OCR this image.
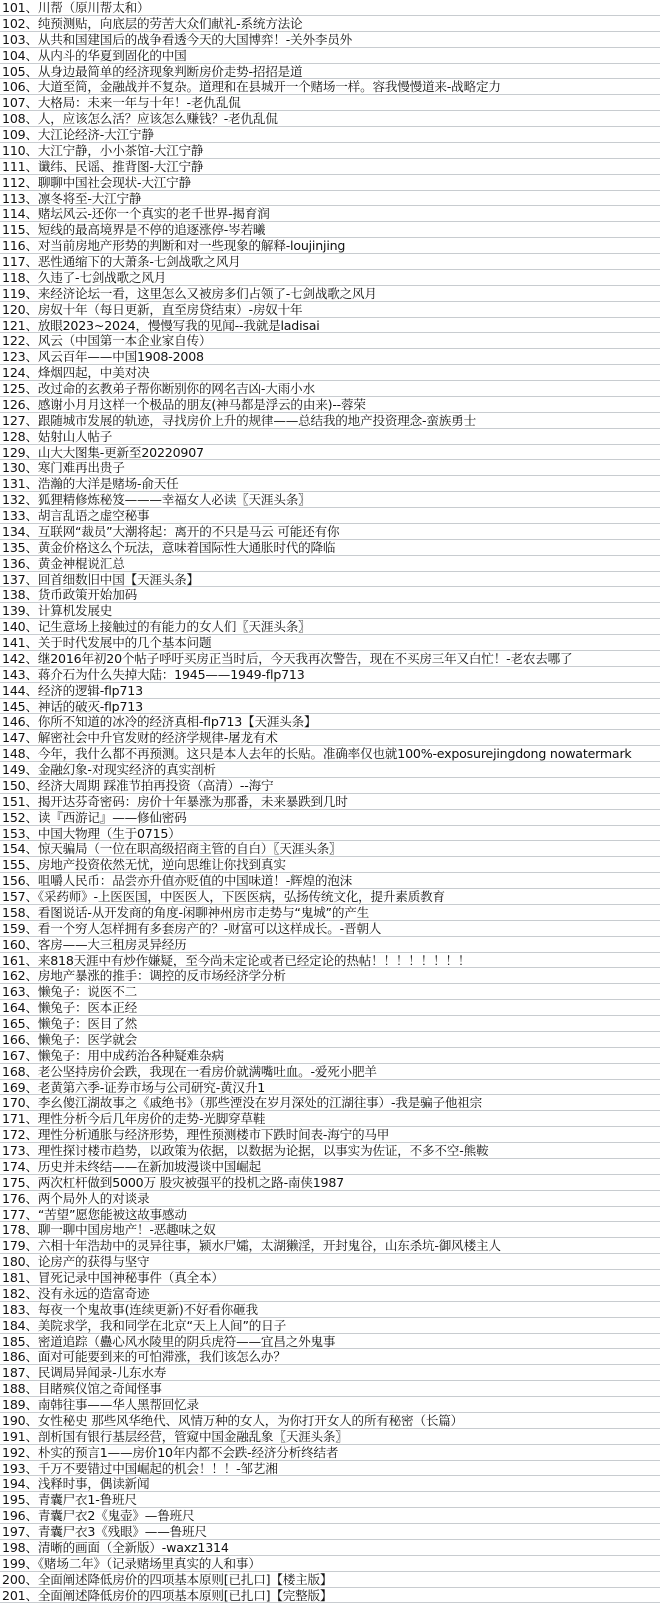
101、川帮（原川帮太和）
102、纯预测贴，向底层的劳苦大众们献礼-系统方法论
103、从共和国建国后的战争看透今天的大国博弈！-关外李员外
104、从内斗的华夏到固化的中国
105、从身边最简单的经济现象判断房价走势-招招是道
106、大道至简，金融战并不复杂。道理和在县城开一个赌场一样。容我慢慢道来-战略定力
107、大格局：未来一年与十年！-老仇乱侃
108、人，应该怎么活？应该怎么赚钱？-老仇乱侃
109、大江论经济-大江宁静
110、大江宁静，小小茶馆-大江宁静
111、谶纬、民谣、推背图-大江宁静
112、聊聊中国社会现状-大江宁静
113、凛冬将至-大江宁静
114、赌坛风云-还你一个真实的老千世界-揭育润
115、短线的最高境界是不停的追逐涨停-岑若曦
116、对当前房地产形势的判断和对一些现象的解释-loujinjing
117、恶性通缩下的大萧条-七剑战歌之风月
118、久违了-七剑战歌之风月
119、来经济论坛一看，这里怎么又被房多们占领了-七剑战歌之风月
120、房奴十年（每日更新，直至房贷结束）-房奴十年
121、放眼2023~2024，慢慢写我的见闻--我就是ladisai
122、风云（中国第一本企业家自传）
123、风云百年——中国1908-2008
124、烽烟四起，中美对决
125、改过命的玄教弟子帮你断别你的网名吉凶-大雨小水
126、感谢小月月这样一个极品的朋友(神马都是浮云的由来)--蓉荣
127、跟随城市发展的轨迹，寻找房价上升的规律——总结我的地产投资理念-蛮族勇士
128、姑射山人帖子
129、山大大图集-更新至20220907
130、寒门难再出贵子
131、浩瀚的大洋是赌场-俞天任
132、狐狸精修炼秘笈———幸福女人必读〖天涯头条〗
133、胡言乱语之虚空秘事
134、互联网“裁员”大潮将起：离开的不只是马云 可能还有你
135、黄金价格这么个玩法，意味着国际性大通胀时代的降临
136、黄金神棍说汇总
137、回首细数旧中国【天涯头条】
138、货币政策开始加码
139、计算机发展史
140、记生意场上接触过的有能力的女人们〖天涯头条〗
141、关于时代发展中的几个基本问题
142、继2016年初20个帖子呼吁买房正当时后，今天我再次警告，现在不买房三年又白忙！-老农去哪了
143、蒋介石为什么失掉大陆：1945——1949-flp713
144、经济的逻辑-flp713
145、神话的破灭-flp713
146、你所不知道的冰冷的经济真相-flp713【天涯头条】
147、解密社会中升官发财的经济学规律-屠龙有术
148、今年，我什么都不再预测。这只是本人去年的长贴。准确率仅也就100%-exposurejingdong nowatermark
149、金融幻象-对现实经济的真实剖析
150、经济大周期 踩准节拍再投资（高清）--海宁
151、揭开达芬奇密码：房价十年暴涨为那番，未来暴跌到几时
152、读『西游记』——修仙密码
153、中国大物理（生于0715）
154、惊天骗局（一位在职高级招商主管的自白）〖天涯头条〗
155、房地产投资依然无忧，逆向思维让你找到真实
156、咀嚼人民币：品尝亦升值亦贬值的中国味道！-辉煌的泡沫
157、《采药师》-上医医国，中医医人，下医医病，弘扬传统文化，提升素质教育
158、看图说话-从开发商的角度-闲聊神州房市走势与“鬼城”的产生
159、看一个穷人怎样拥有多套房产的？-财富可以这样成长。-晋朝人
160、客房——大三租房灵异经历
161、来818天涯中有炒作嫌疑，至今尚未定论或者已经定论的热帖！！！！！！！！
162、房地产暴涨的推手：调控的反市场经济学分析
163、懒兔子：说医不二
164、懒兔子：医本正经
165、懒兔子：医目了然
166、懒兔子：医学就会
167、懒兔子：用中成药治各种疑难杂病
168、老公坚持房价会跌，我现在一看房价就满嘴吐血。-爱死小肥羊
169、老黄第六季-证券市场与公司研究-黄汉升1
170、李幺傻江湖故事之《戚绝书》（那些湮没在岁月深处的江湖往事）-我是骗子他祖宗
171、理性分析今后几年房价的走势-光脚穿草鞋
172、理性分析通胀与经济形势，理性预测楼市下跌时间表-海宁的马甲
173、理性探讨楼市趋势，以政策为依据，以数据为论据，以事实为佐证，不多不空-熊鞍
174、历史并未终结——在新加坡漫谈中国崛起
175、两次杠杆做到5000万 股灾被强平的投机之路-南侠1987
176、两个局外人的对谈录
177、“苦望”愿您能被这故事感动
178、聊一聊中国房地产！-恶趣味之奴
179、六相十年浩劫中的灵异往事，颍水尸孀，太湖獭淫，开封鬼谷，山东杀坑-御风楼主人
180、论房产的获得与坚守
181、冒死记录中国神秘事件（真全本）
182、没有永远的造富奇迹
183、每夜一个鬼故事(连续更新)不好看你砸我
184、美院求学，我和同学在北京“天上人间”的日子
185、密道追踪（蠱心风水陵里的阴兵虎符——宜昌之外鬼事
186、面对可能要到来的可怕滞涨，我们该怎么办？
187、民调局异闻录-儿东水寿
188、目睹殡仪馆之奇闻怪事
189、南韩往事——华人黑帮回忆录
190、女性秘史 那些风华绝代、风情万种的女人，为你打开女人的所有秘密（长篇）
191、剖析国有银行基层经营，管窥中国金融乱象〖天涯头条〗
192、朴实的预言1——房价10年内都不会跌-经济分析终结者
193、千万不要错过中国崛起的机会！！！-邹艺湘
194、浅释时事，偶读新闻
195、青囊尸衣1-鲁班尺
196、青囊尸衣2《鬼壶》—鲁班尺
197、青囊尸衣3《残眼》——鲁班尺
198、清晰的画面（全新版）-waxz1314
199、《赌场二年》（记录赌场里真实的人和事）
200、全面阐述降低房价的四项基本原则[已扎口]【楼主版】
201、全面阐述降低房价的四项基本原则[已扎口]【完整版】
